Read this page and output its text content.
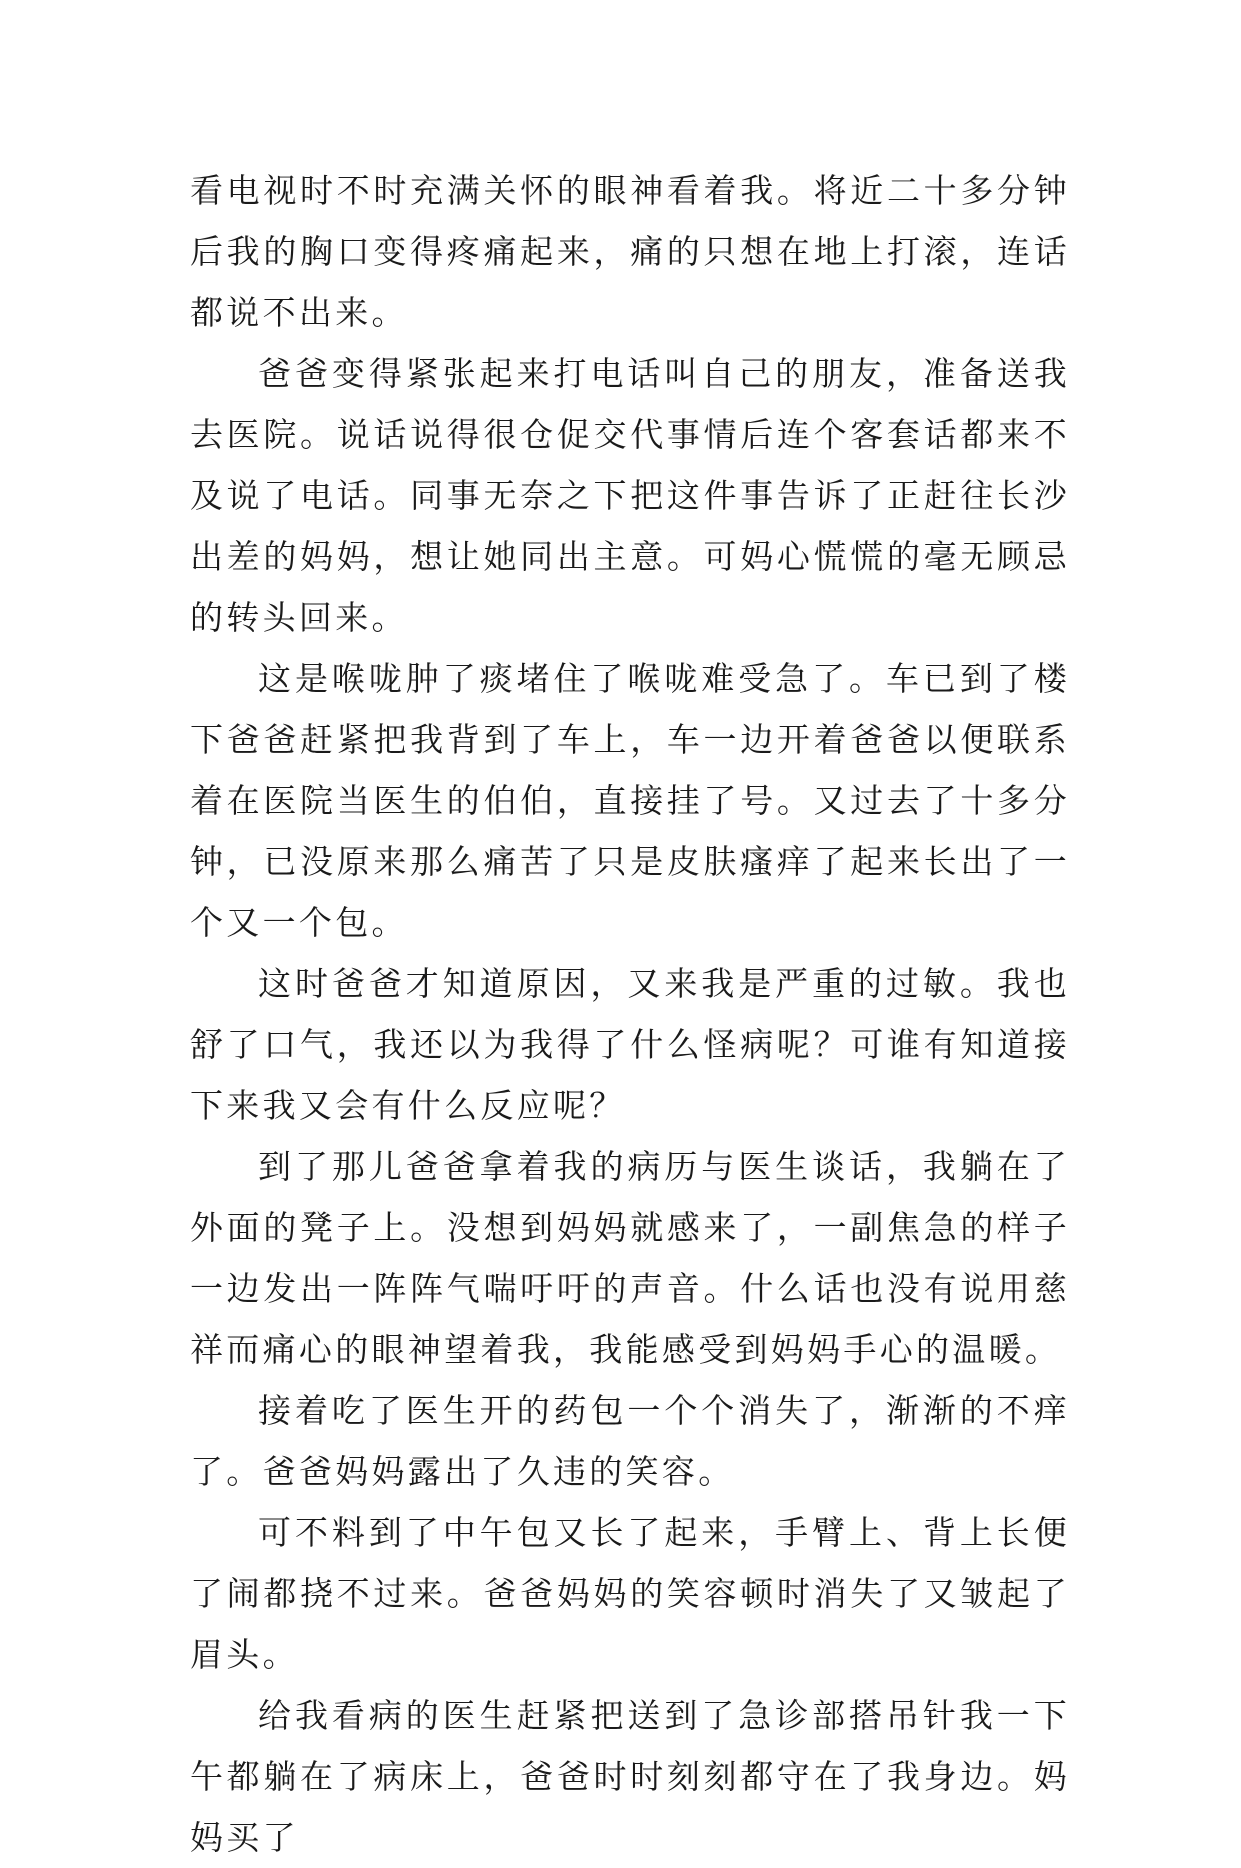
看电视时不时充满关怀的眼神看着我。将近二十多分钟后我的胸口变得疼痛起来，痛的只想在地上打滚，连话都说不出来。

爸爸变得紧张起来打电话叫自己的朋友，准备送我去医院。说话说得很仓促交代事情后连个客套话都来不及说了电话。同事无奈之下把这件事告诉了正赶往长沙出差的妈妈，想让她同出主意。可妈心慌慌的毫无顾忌的转头回来。

这是喉咙肿了痰堵住了喉咙难受急了。车已到了楼下爸爸赶紧把我背到了车上，车一边开着爸爸以便联系着在医院当医生的伯伯，直接挂了号。又过去了十多分钟，已没原来那么痛苦了只是皮肤瘙痒了起来长出了一个又一个包。

这时爸爸才知道原因，又来我是严重的过敏。我也舒了口气，我还以为我得了什么怪病呢？可谁有知道接下来我又会有什么反应呢？

到了那儿爸爸拿着我的病历与医生谈话，我躺在了外面的凳子上。没想到妈妈就感来了，一副焦急的样子一边发出一阵阵气喘吁吁的声音。什么话也没有说用慈祥而痛心的眼神望着我，我能感受到妈妈手心的温暖。

接着吃了医生开的药包一个个消失了，渐渐的不痒了。爸爸妈妈露出了久违的笑容。

可不料到了中午包又长了起来，手臂上、背上长便了闹都挠不过来。爸爸妈妈的笑容顿时消失了又皱起了眉头。

给我看病的医生赶紧把送到了急诊部搭吊针我一下午都躺在了病床上，爸爸时时刻刻都守在了我身边。妈妈买了
